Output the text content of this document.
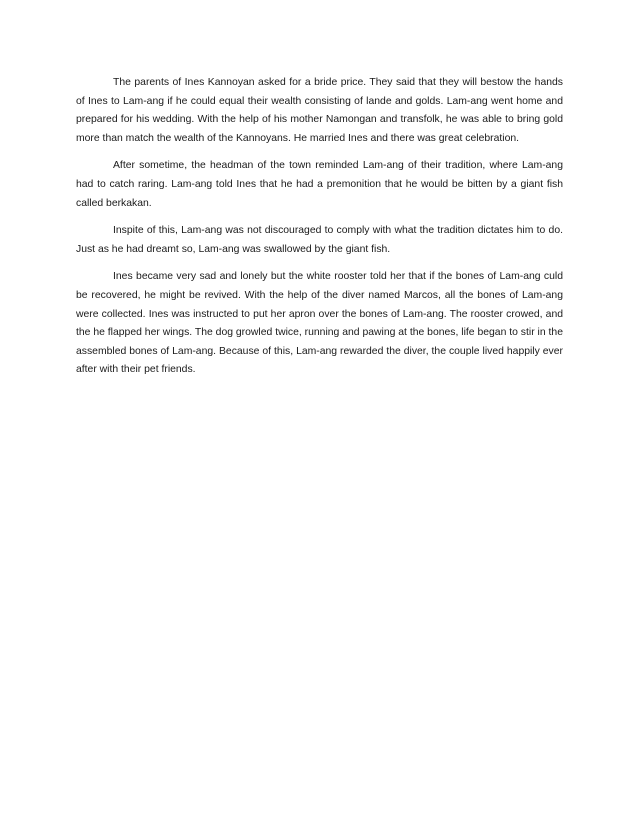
The parents of Ines Kannoyan asked for a bride price. They said that they will bestow the hands of Ines to Lam-ang if he could equal their wealth consisting of lande and golds. Lam-ang went home and prepared for his wedding. With the help of his mother Namongan and transfolk, he was able to bring gold more than match the wealth of the Kannoyans. He married Ines and there was great celebration.

After sometime, the headman of the town reminded Lam-ang of their tradition, where Lam-ang had to catch raring. Lam-ang told Ines that he had a premonition that he would be bitten by a giant fish called berkakan.

Inspite of this, Lam-ang was not discouraged to comply with what the tradition dictates him to do. Just as he had dreamt so, Lam-ang was swallowed by the giant fish.

Ines became very sad and lonely but the white rooster told her that if the bones of Lam-ang culd be recovered, he might be revived. With the help of the diver named Marcos, all the bones of Lam-ang were collected. Ines was instructed to put her apron over the bones of Lam-ang. The rooster crowed, and the he flapped her wings. The dog growled twice, running and pawing at the bones, life began to stir in the assembled bones of Lam-ang. Because of this, Lam-ang rewarded the diver, the couple lived happily ever after with their pet friends.
